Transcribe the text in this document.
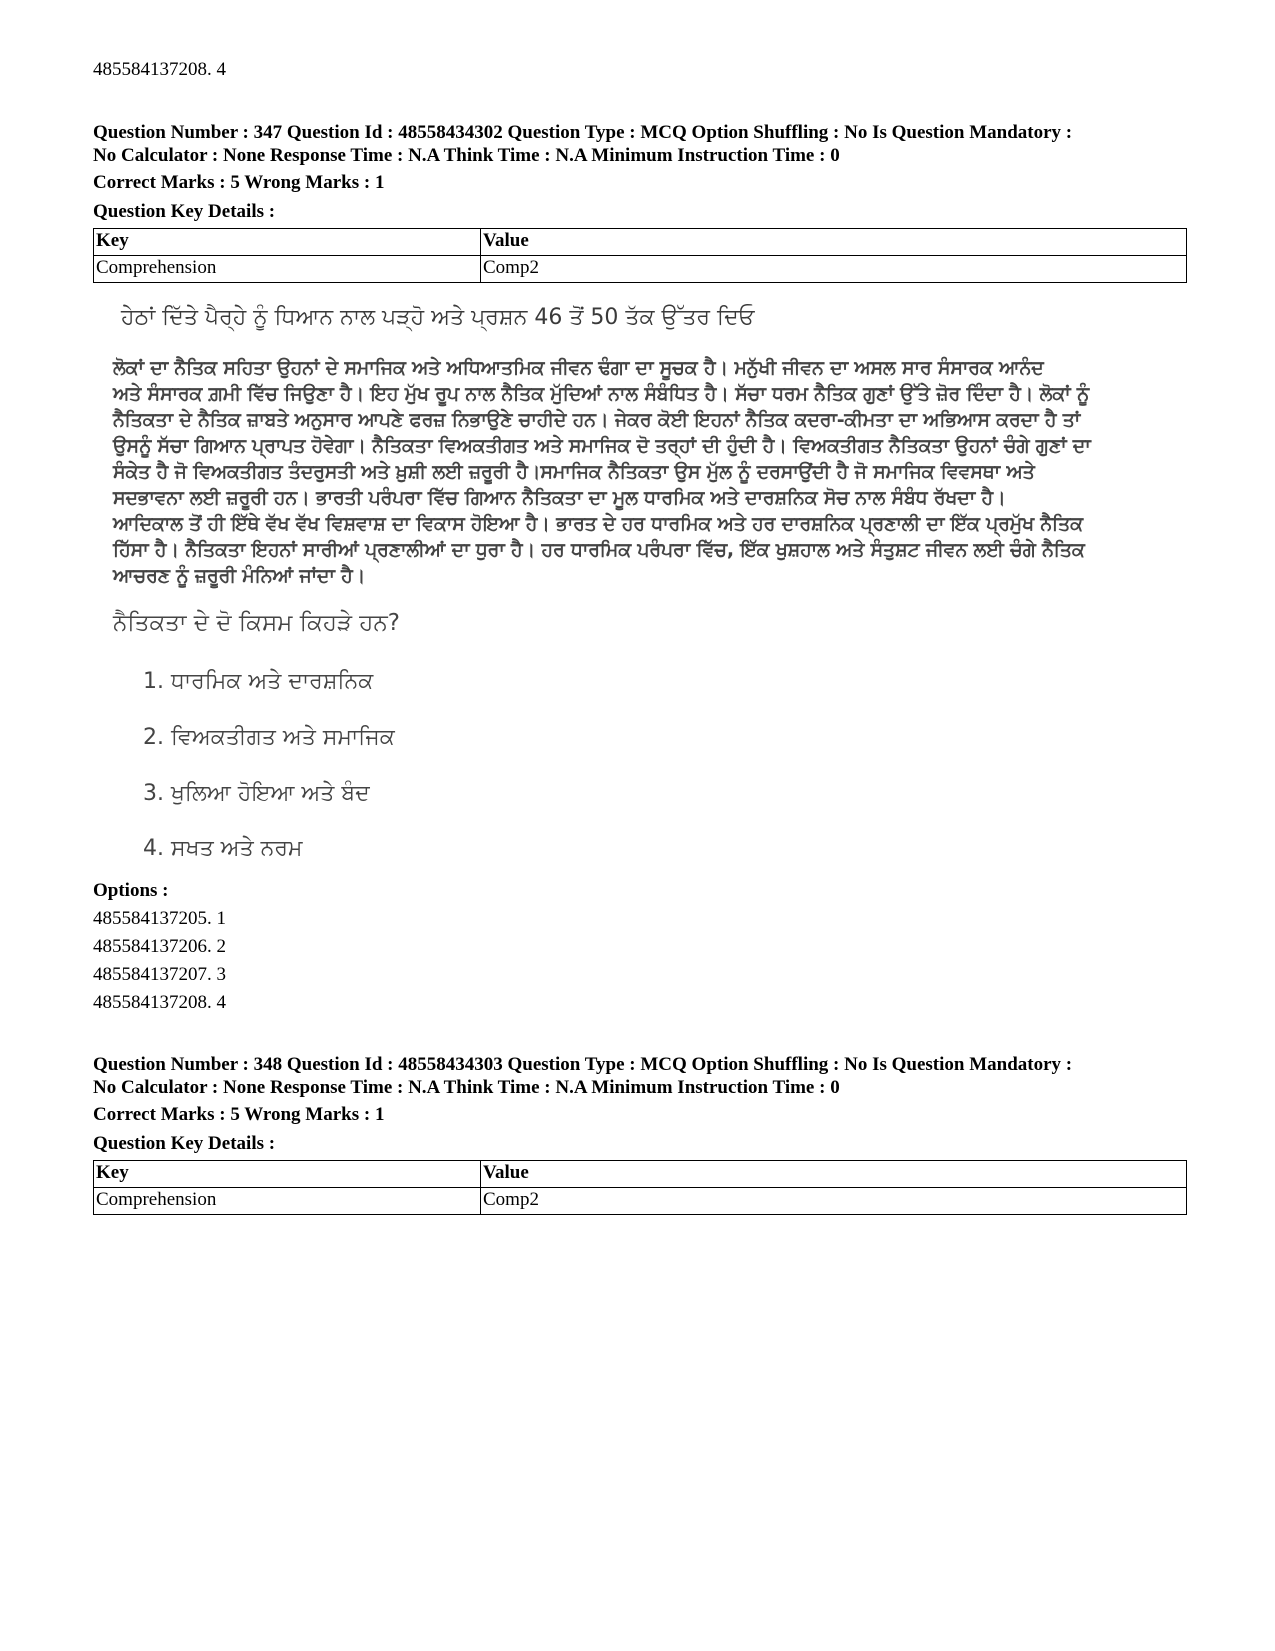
485584137208. 4
Question Number : 347 Question Id : 48558434302 Question Type : MCQ Option Shuffling : No Is Question Mandatory :
No Calculator : None Response Time : N.A Think Time : N.A Minimum Instruction Time : 0
Correct Marks : 5 Wrong Marks : 1
Question Key Details :
Key	Value
Comprehension	Comp2
ਹੇਠਾਂ ਦਿੱਤੇ ਪੈਰ੍ਹੇ ਨੂੰ ਧਿਆਨ ਨਾਲ ਪੜ੍ਹੋ ਅਤੇ ਪ੍ਰਸ਼ਨ 46 ਤੋਂ 50 ਤੱਕ ਉੱਤਰ ਦਿਓ
ਲੋਕਾਂ ਦਾ ਨੈਤਿਕ ਸਹਿਤਾ ਉਹਨਾਂ ਦੇ ਸਮਾਜਿਕ ਅਤੇ ਅਧਿਆਤਮਿਕ ਜੀਵਨ ਢੰਗਾ ਦਾ ਸੂਚਕ ਹੈ। ਮਨੁੱਖੀ ਜੀਵਨ ਦਾ ਅਸਲ ਸਾਰ ਸੰਸਾਰਕ ਆਨੰਦ
ਅਤੇ ਸੰਸਾਰਕ ਗ਼ਮੀ ਵਿੱਚ ਜਿਉਣਾ ਹੈ। ਇਹ ਮੁੱਖ ਰੂਪ ਨਾਲ ਨੈਤਿਕ ਮੁੱਦਿਆਂ ਨਾਲ ਸੰਬੰਧਿਤ ਹੈ। ਸੱਚਾ ਧਰਮ ਨੈਤਿਕ ਗੁਣਾਂ ਉੱਤੇ ਜ਼ੋਰ ਦਿੰਦਾ ਹੈ। ਲੋਕਾਂ ਨੂੰ
ਨੈਤਿਕਤਾ ਦੇ ਨੈਤਿਕ ਜ਼ਾਬਤੇ ਅਨੁਸਾਰ ਆਪਣੇ ਫਰਜ਼ ਨਿਭਾਉਣੇ ਚਾਹੀਦੇ ਹਨ। ਜੇਕਰ ਕੋਈ ਇਹਨਾਂ ਨੈਤਿਕ ਕਦਰਾ-ਕੀਮਤਾ ਦਾ ਅਭਿਆਸ ਕਰਦਾ ਹੈ ਤਾਂ
ਉਸਨੂੰ ਸੱਚਾ ਗਿਆਨ ਪ੍ਰਾਪਤ ਹੋਵੇਗਾ। ਨੈਤਿਕਤਾ ਵਿਅਕਤੀਗਤ ਅਤੇ ਸਮਾਜਿਕ ਦੋ ਤਰ੍ਹਾਂ ਦੀ ਹੁੰਦੀ ਹੈ। ਵਿਅਕਤੀਗਤ ਨੈਤਿਕਤਾ ਉਹਨਾਂ ਚੰਗੇ ਗੁਣਾਂ ਦਾ
ਸੰਕੇਤ ਹੈ ਜੋ ਵਿਅਕਤੀਗਤ ਤੰਦਰੁਸਤੀ ਅਤੇ ਖ਼ੁਸ਼ੀ ਲਈ ਜ਼ਰੂਰੀ ਹੈ।ਸਮਾਜਿਕ ਨੈਤਿਕਤਾ ਉਸ ਮੁੱਲ ਨੂੰ ਦਰਸਾਉਂਦੀ ਹੈ ਜੋ ਸਮਾਜਿਕ ਵਿਵਸਥਾ ਅਤੇ
ਸਦਭਾਵਨਾ ਲਈ ਜ਼ਰੂਰੀ ਹਨ। ਭਾਰਤੀ ਪਰੰਪਰਾ ਵਿੱਚ ਗਿਆਨ ਨੈਤਿਕਤਾ ਦਾ ਮੂਲ ਧਾਰਮਿਕ ਅਤੇ ਦਾਰਸ਼ਨਿਕ ਸੋਚ ਨਾਲ ਸੰਬੰਧ ਰੱਖਦਾ ਹੈ।
ਆਦਿਕਾਲ ਤੋਂ ਹੀ ਇੱਥੇ ਵੱਖ ਵੱਖ ਵਿਸ਼ਵਾਸ਼ ਦਾ ਵਿਕਾਸ ਹੋਇਆ ਹੈ। ਭਾਰਤ ਦੇ ਹਰ ਧਾਰਮਿਕ ਅਤੇ ਹਰ ਦਾਰਸ਼ਨਿਕ ਪ੍ਰਣਾਲੀ ਦਾ ਇੱਕ ਪ੍ਰਮੁੱਖ ਨੈਤਿਕ
ਹਿੱਸਾ ਹੈ। ਨੈਤਿਕਤਾ ਇਹਨਾਂ ਸਾਰੀਆਂ ਪ੍ਰਣਾਲੀਆਂ ਦਾ ਧੁਰਾ ਹੈ। ਹਰ ਧਾਰਮਿਕ ਪਰੰਪਰਾ ਵਿੱਚ, ਇੱਕ ਖੁਸ਼ਹਾਲ ਅਤੇ ਸੰਤੁਸ਼ਟ ਜੀਵਨ ਲਈ ਚੰਗੇ ਨੈਤਿਕ
ਆਚਰਣ ਨੂੰ ਜ਼ਰੂਰੀ ਮੰਨਿਆਂ ਜਾਂਦਾ ਹੈ।
ਨੈਤਿਕਤਾ ਦੇ ਦੋ ਕਿਸਮ ਕਿਹੜੇ ਹਨ?
1. ਧਾਰਮਿਕ ਅਤੇ ਦਾਰਸ਼ਨਿਕ
2. ਵਿਅਕਤੀਗਤ ਅਤੇ ਸਮਾਜਿਕ
3. ਖੁਲਿਆ ਹੋਇਆ ਅਤੇ ਬੰਦ
4. ਸਖਤ ਅਤੇ ਨਰਮ
Options :
485584137205. 1
485584137206. 2
485584137207. 3
485584137208. 4
Question Number : 348 Question Id : 48558434303 Question Type : MCQ Option Shuffling : No Is Question Mandatory :
No Calculator : None Response Time : N.A Think Time : N.A Minimum Instruction Time : 0
Correct Marks : 5 Wrong Marks : 1
Question Key Details :
Key	Value
Comprehension	Comp2
